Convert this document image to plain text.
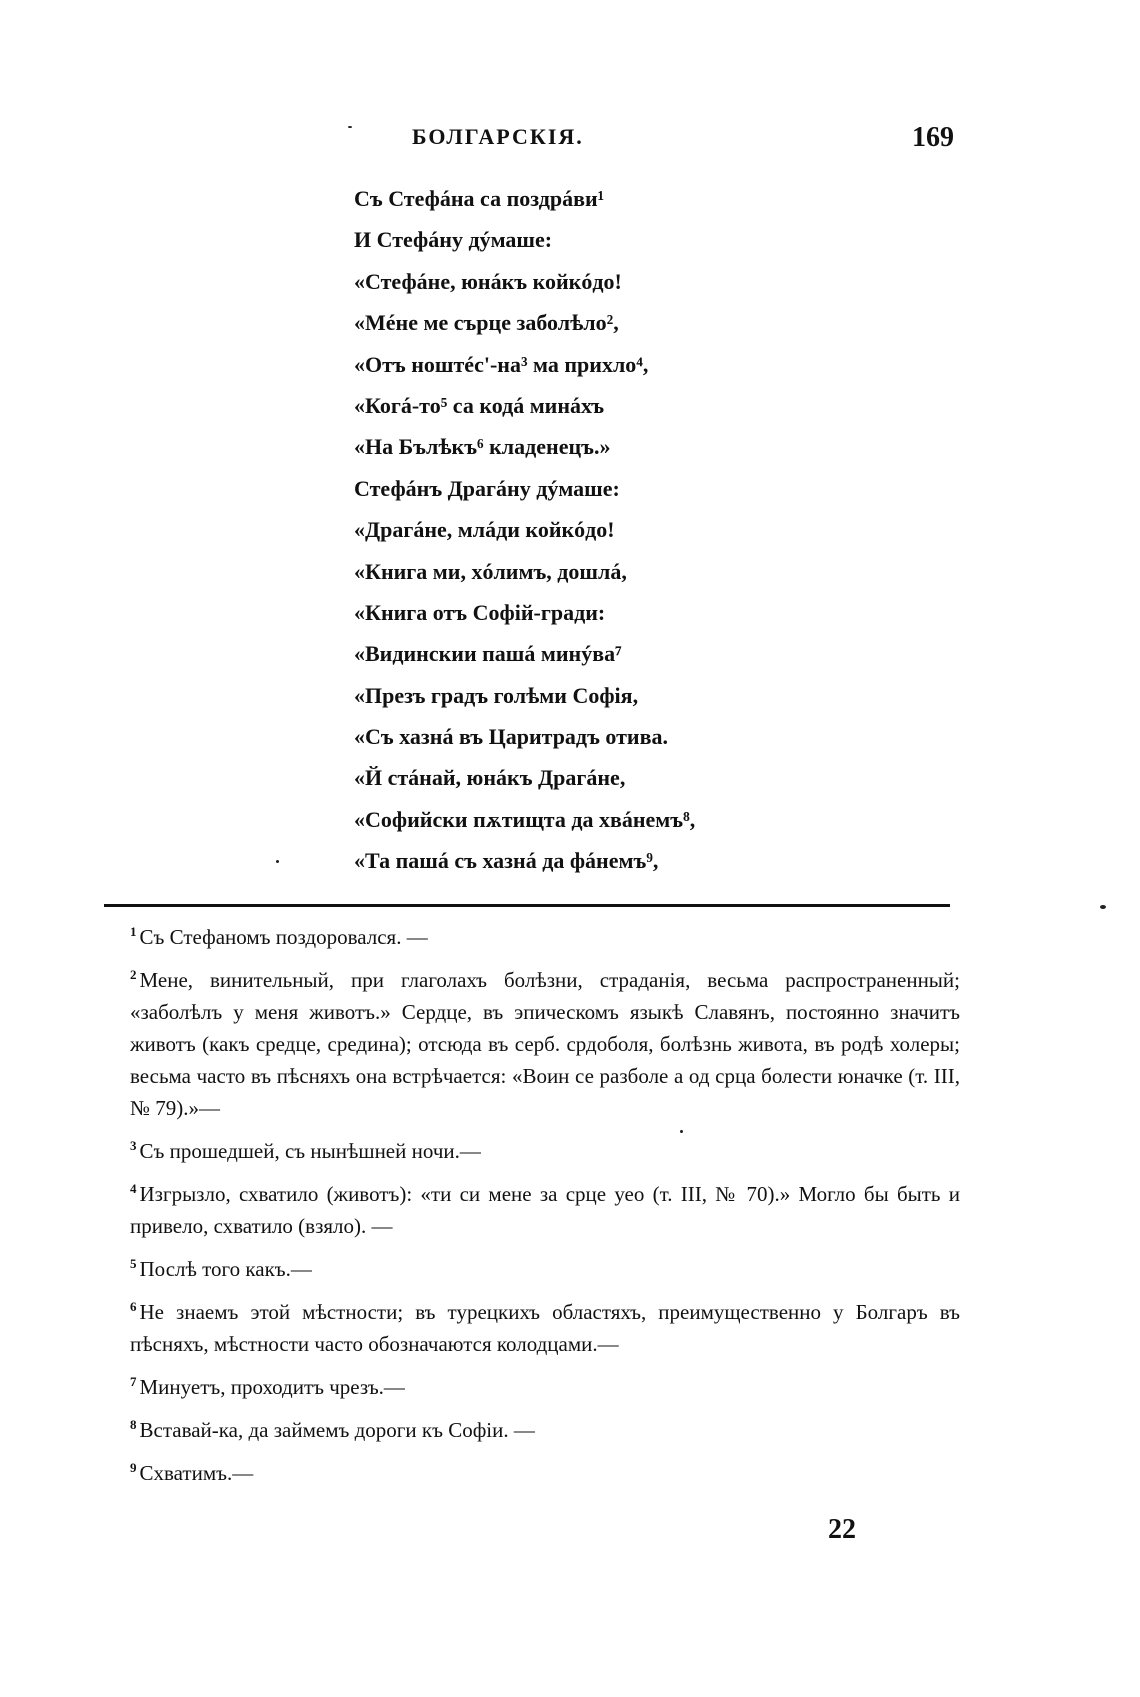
БОЛГАРСКІЯ.	169
Съ Стефáна са поздрáви¹
И Стефáну дýмаше:
«Стефáне, юнáкъ койкóдо!
«Мéне ме сърце заболѣло²,
«Отъ ноштéс'-на³ ма прихло⁴,
«Когá-то⁵ са кодá минáхъ
«На Бълѣкъ⁶ кладенецъ.»
Стефáнъ Драгáну дýмаше:
«Драгáне, млáди койкóдо!
«Книга ми, хóлимъ, дошлá,
«Книга отъ Софій-гради:
«Видинскии пашá минýва⁷
«Презъ градъ голѣми Софія,
«Съ хазнá въ Царитрадъ отива.
«Й стáнай, юнáкъ Драгáне,
«Софийски пѫтищта да хвáнемъ⁸,
«Та пашá съ хазнá да фáнемъ⁹,
$^1$ Съ Стефаномъ поздоровался. —
$^2$ Мене, винительный, при глаголахъ болѣзни, страданія, весьма распространенный; «заболѣлъ у меня животъ.» Сердце, въ эпическомъ языкѣ Славянъ, постоянно значитъ животъ (какъ средце, средина); отсюда въ серб. срдоболя, болѣзнь живота, въ родѣ холеры; весьма часто въ пѣсняхъ она встрѣчается: «Воин се разболе а од срца болести юначке (т. III, № 79).»—
$^3$ Съ прошедшей, съ нынѣшней ночи.—
$^4$ Изгрызло, схватило (животъ): «ти си мене за срце уео (т. III, № 70).» Могло бы быть и привело, схватило (взяло). —
$^5$ Послѣ того какъ.—
$^6$ Не знаемъ этой мѣстности; въ турецкихъ областяхъ, преимущественно у Болгаръ въ пѣсняхъ, мѣстности часто обозначаются колодцами.—
$^7$ Минуетъ, проходитъ чрезъ.—
$^8$ Вставай-ка, да займемъ дороги къ Софіи. —
$^9$ Схватимъ.—
22
